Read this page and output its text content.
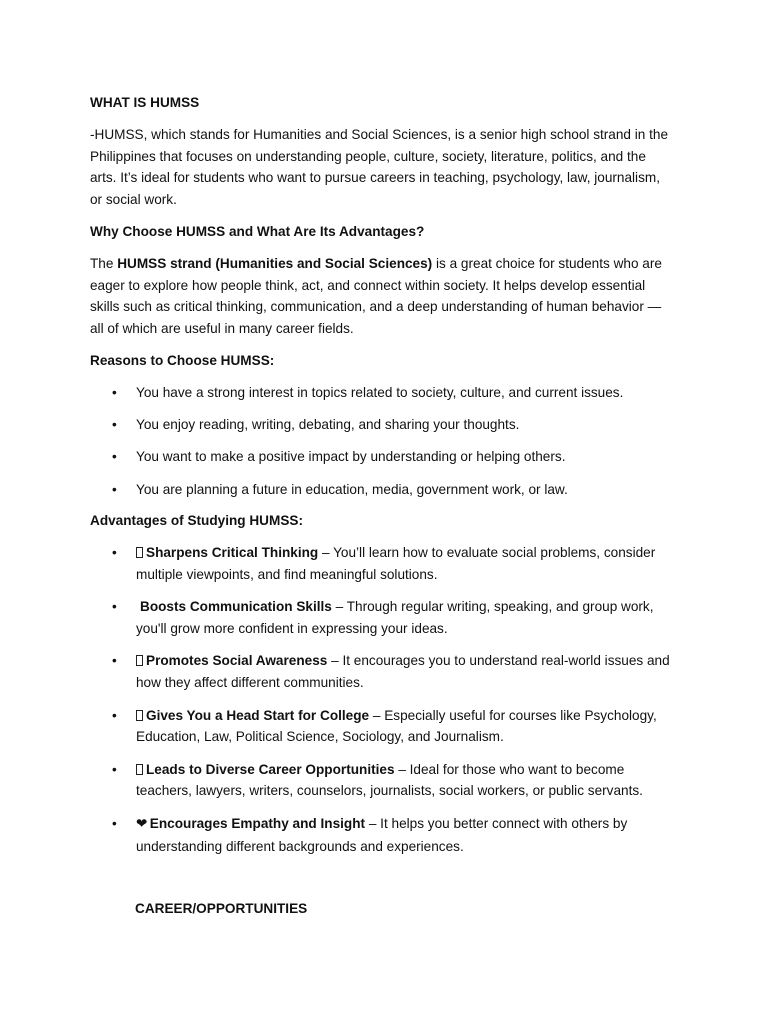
WHAT IS HUMSS

-HUMSS, which stands for Humanities and Social Sciences, is a senior high school strand in the Philippines that focuses on understanding people, culture, society, literature, politics, and the arts. It’s ideal for students who want to pursue careers in teaching, psychology, law, journalism, or social work.

Why Choose HUMSS and What Are Its Advantages?

The HUMSS strand (Humanities and Social Sciences) is a great choice for students who are eager to explore how people think, act, and connect within society. It helps develop essential skills such as critical thinking, communication, and a deep understanding of human behavior — all of which are useful in many career fields.

Reasons to Choose HUMSS:

• You have a strong interest in topics related to society, culture, and current issues.
• You enjoy reading, writing, debating, and sharing your thoughts.
• You want to make a positive impact by understanding or helping others.
• You are planning a future in education, media, government work, or law.

Advantages of Studying HUMSS:

• Sharpens Critical Thinking – You’ll learn how to evaluate social problems, consider multiple viewpoints, and find meaningful solutions.
• Boosts Communication Skills – Through regular writing, speaking, and group work, you'll grow more confident in expressing your ideas.
• Promotes Social Awareness – It encourages you to understand real-world issues and how they affect different communities.
• Gives You a Head Start for College – Especially useful for courses like Psychology, Education, Law, Political Science, Sociology, and Journalism.
• Leads to Diverse Career Opportunities – Ideal for those who want to become teachers, lawyers, writers, counselors, journalists, social workers, or public servants.
• ❤ Encourages Empathy and Insight – It helps you better connect with others by understanding different backgrounds and experiences.
CAREER/OPPORTUNITIES
